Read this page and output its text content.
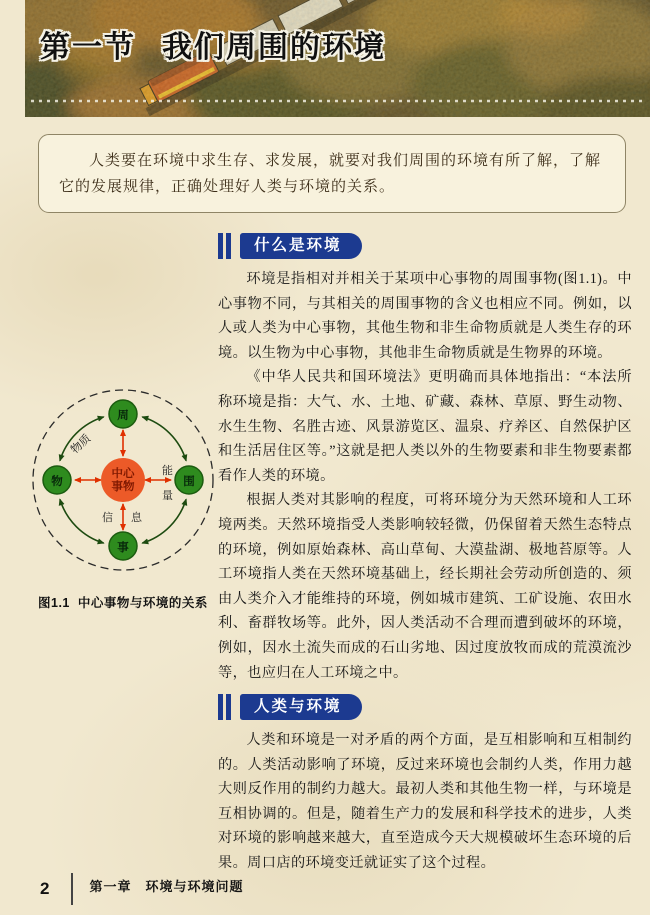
第一节 我们周围的环境

人类要在环境中求生存、求发展，就要对我们周围的环境有所了解，了解它的发展规律，正确处理好人类与环境的关系。

什么是环境

环境是指相对并相关于某项中心事物的周围事物(图1.1)。中心事物不同，与其相关的周围事物的含义也相应不同。例如，以人或人类为中心事物，其他生物和非生命物质就是人类生存的环境。以生物为中心事物，其他非生命物质就是生物界的环境。

《中华人民共和国环境法》更明确而具体地指出：“本法所称环境是指：大气、水、土地、矿藏、森林、草原、野生动物、水生生物、名胜古迹、风景游览区、温泉、疗养区、自然保护区和生活居住区等。”这就是把人类以外的生物要素和非生物要素都看作人类的环境。

根据人类对其影响的程度，可将环境分为天然环境和人工环境两类。天然环境指受人类影响较轻微，仍保留着天然生态特点的环境，例如原始森林、高山草甸、大漠盐湖、极地苔原等。人工环境指人类在天然环境基础上，经长期社会劳动所创造的、须由人类介入才能维持的环境，例如城市建筑、工矿设施、农田水利、畜群牧场等。此外，因人类活动不合理而遭到破坏的环境，例如，因水土流失而成的石山劣地、因过度放牧而成的荒漠流沙等，也应归在人工环境之中。

人类与环境

人类和环境是一对矛盾的两个方面，是互相影响和互相制约的。人类活动影响了环境，反过来环境也会制约人类，作用力越大则反作用的制约力越大。最初人类和其他生物一样，与环境是互相协调的。但是，随着生产力的发展和科学技术的进步，人类对环境的影响越来越大，直至造成今天大规模破坏生态环境的后果。周口店的环境变迁就证实了这个过程。

中心
事物
周
围
事
物
物质
能
量
信 息
图1.1 中心事物与环境的关系
2	第一章　环境与环境问题
